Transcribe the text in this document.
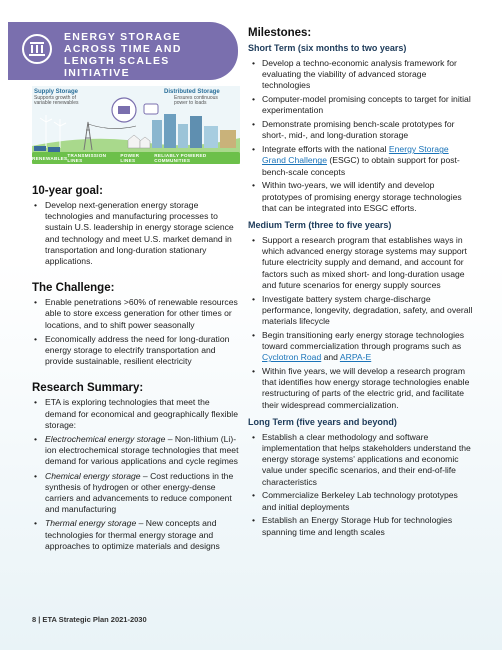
ENERGY STORAGE ACROSS TIME AND LENGTH SCALES INITIATIVE
Supply Storage
Supports growth of
variable renewables
Distributed Storage
Ensures continuous
power to loads
RENEWABLES TRANSMISSION LINES
POWER LINES
RELIABLY POWERED COMMUNITIES
10-year goal:
• Develop next-generation energy storage technologies and manufacturing processes to sustain U.S. leadership in energy storage science and technology and meet U.S. market demand in transportation and long-duration stationary applications.
The Challenge:
• Enable penetrations >60% of renewable resources able to store excess generation for other times or locations, and to shift power seasonally
• Economically address the need for long-duration energy storage to electrify transportation and provide sustainable, resilient electricity
Research Summary:
• ETA is exploring technologies that meet the demand for economical and geographically flexible storage:
• Electrochemical energy storage – Non-lithium (Li)-ion electrochemical storage technologies that meet demand for various applications and cycle regimes
• Chemical energy storage – Cost reductions in the synthesis of hydrogen or other energy-dense carriers and advancements to reduce component and manufacturing
• Thermal energy storage – New concepts and technologies for thermal energy storage and approaches to optimize materials and designs
Milestones:
Short Term (six months to two years)
• Develop a techno-economic analysis framework for evaluating the viability of advanced storage technologies
• Computer-model promising concepts to target for initial experimentation
• Demonstrate promising bench-scale prototypes for short-, mid-, and long-duration storage
• Integrate efforts with the national Energy Storage Grand Challenge (ESGC) to obtain support for post-bench-scale concepts
• Within two-years, we will identify and develop prototypes of promising energy storage technologies that can be integrated into ESGC efforts.
Medium Term (three to five years)
• Support a research program that establishes ways in which advanced energy storage systems may support future electricity supply and demand, and account for factors such as mixed short- and long-duration usage and future scenarios for energy supply sources
• Investigate battery system charge-discharge performance, longevity, degradation, safety, and overall materials lifecycle
• Begin transitioning early energy storage technologies toward commercialization through programs such as Cyclotron Road and ARPA-E
• Within five years, we will develop a research program that identifies how energy storage technologies enable restructuring of parts of the electric grid, and facilitate their widespread commercialization.
Long Term (five years and beyond)
• Establish a clear methodology and software implementation that helps stakeholders understand the energy storage systems' applications and economic value under specific scenarios, and their end-of-life characteristics
• Commercialize Berkeley Lab technology prototypes and initial deployments
• Establish an Energy Storage Hub for technologies spanning time and length scales
8 | ETA Strategic Plan 2021-2030
